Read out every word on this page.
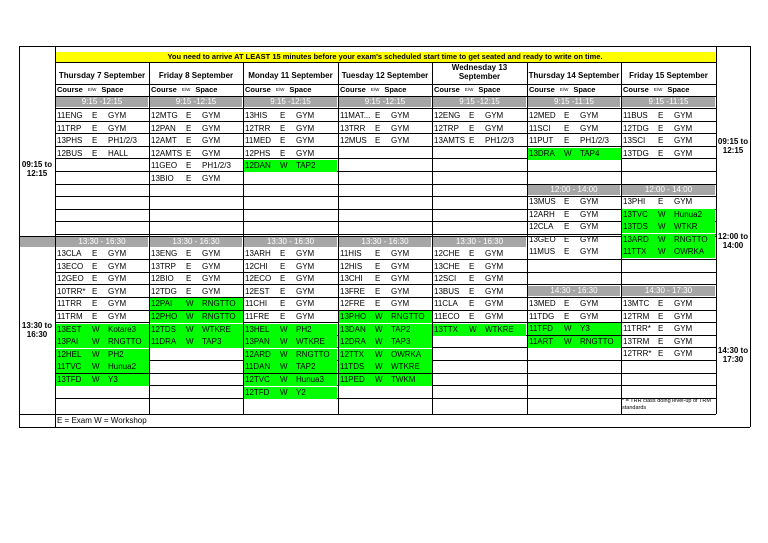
You need to arrive AT LEAST 15 minutes before your exam's scheduled start time to get seated and ready to write on time.
09:15 to 12:15
13:30 to 16:30
09:15 to 12:15
12:00 to 14:00
14:30 to 17:30
* = TRR class doing level-up of TRM standards
E = Exam W = Workshop
Thursday 7 September
Course E/W Space
9:15 -12:15
13:30 - 16:30
11ENG E GYM
11TRP E GYM
13PHS E PH1/2/3
12BUS E HALL
13CLA E GYM
13ECO E GYM
12GEO E GYM
10TRR* E GYM
11TRR E GYM
11TRM E GYM
13EST W Kotare3
13PAI W RNGTTO
12HEL W PH2
11TVC W Hunua2
13TFD W Y3
Friday 8 September
Course E/W Space
9:15 -12:15
13:30 - 16:30
12MTG E GYM
12PAN E GYM
12AMT E GYM
12AMTS E GYM
11GEO E PH1/2/3
13BIO E GYM
13ENG E GYM
13TRP E GYM
12BIO E GYM
12TDG E GYM
12PAI W RNGTTO
12PHO W RNGTTO
12TDS W WTKRE
11DRA W TAP3
Monday 11 September
Course E/W Space
9:15 -12:15
13:30 - 16:30
13HIS E GYM
12TRR E GYM
11MED E GYM
12PHS E GYM
12DAN W TAP2
13ARH E GYM
12CHI E GYM
12ECO E GYM
12EST E GYM
11CHI E GYM
11FRE E GYM
13HEL W PH2
13PAN W WTKRE
12ARD W RNGTTO
11DAN W TAP2
12TVC W Hunua3
12TFD W Y2
Tuesday 12 September
Course E/W Space
9:15 -12:15
13:30 - 16:30
11MAT... E GYM
13TRR E GYM
12MUS E GYM
11HIS E GYM
12HIS E GYM
13CHI E GYM
13FRE E GYM
12FRE E GYM
13PHO W RNGTTO
13DAN W TAP2
12DRA W TAP3
12TTX W OWRKA
11TDS W WTKRE
11PED W TWKM
Wednesday 13 September
Course E/W Space
9:15 -12:15
13:30 - 16:30
12ENG E GYM
12TRP E GYM
13AMTS E PH1/2/3
12CHE E GYM
13CHE E GYM
12SCI E GYM
13BUS E GYM
11CLA E GYM
11ECO E GYM
13TTX W WTKRE
Thursday 14 September
Course E/W Space
9:15 -11:15
12:00 - 14:00
14:30 - 16:30
12MED E GYM
11SCI E GYM
11PUT E PH1/2/3
13DRA W TAP4
13MUS E GYM
12ARH E GYM
12CLA E GYM
13GEO E GYM
11MUS E GYM
13MED E GYM
11TDG E GYM
11TFD W Y3
11ART W RNGTTO
Friday 15 September
Course E/W Space
9:15 -11:15
12:00 - 14:00
14:30 - 17:30
11BUS E GYM
12TDG E GYM
13SCI E GYM
13TDG E GYM
13PHI E GYM
13TVC W Hunua2
13TDS W WTKR
13ARD W RNGTTO
11TTX W OWRKA
13MTC E GYM
12TRM E GYM
11TRR* E GYM
13TRM E GYM
12TRR* E GYM
